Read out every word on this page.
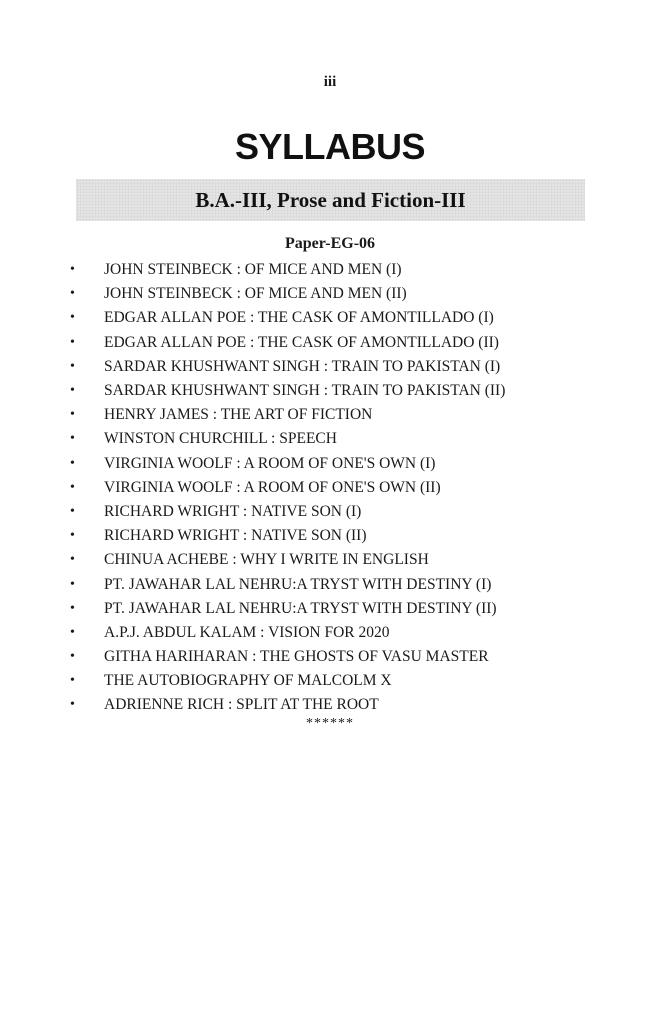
iii
SYLLABUS
B.A.-III, Prose and Fiction-III
Paper-EG-06
•	JOHN STEINBECK : OF MICE AND MEN (I)
•	JOHN STEINBECK : OF MICE AND MEN (II)
•	EDGAR ALLAN POE : THE CASK OF AMONTILLADO (I)
•	EDGAR ALLAN POE : THE CASK OF AMONTILLADO (II)
•	SARDAR KHUSHWANT SINGH : TRAIN TO PAKISTAN (I)
•	SARDAR KHUSHWANT SINGH : TRAIN TO PAKISTAN (II)
•	HENRY JAMES : THE ART OF FICTION
•	WINSTON CHURCHILL : SPEECH
•	VIRGINIA WOOLF : A ROOM OF ONE'S OWN (I)
•	VIRGINIA WOOLF : A ROOM OF ONE'S OWN (II)
•	RICHARD WRIGHT : NATIVE SON (I)
•	RICHARD WRIGHT : NATIVE SON (II)
•	CHINUA ACHEBE : WHY I WRITE IN ENGLISH
•	PT. JAWAHAR LAL NEHRU:A TRYST WITH DESTINY (I)
•	PT. JAWAHAR LAL NEHRU:A TRYST WITH DESTINY (II)
•	A.P.J. ABDUL KALAM : VISION FOR 2020
•	GITHA HARIHARAN : THE GHOSTS OF VASU MASTER
•	THE AUTOBIOGRAPHY OF MALCOLM X
•	ADRIENNE RICH : SPLIT AT THE ROOT
******
